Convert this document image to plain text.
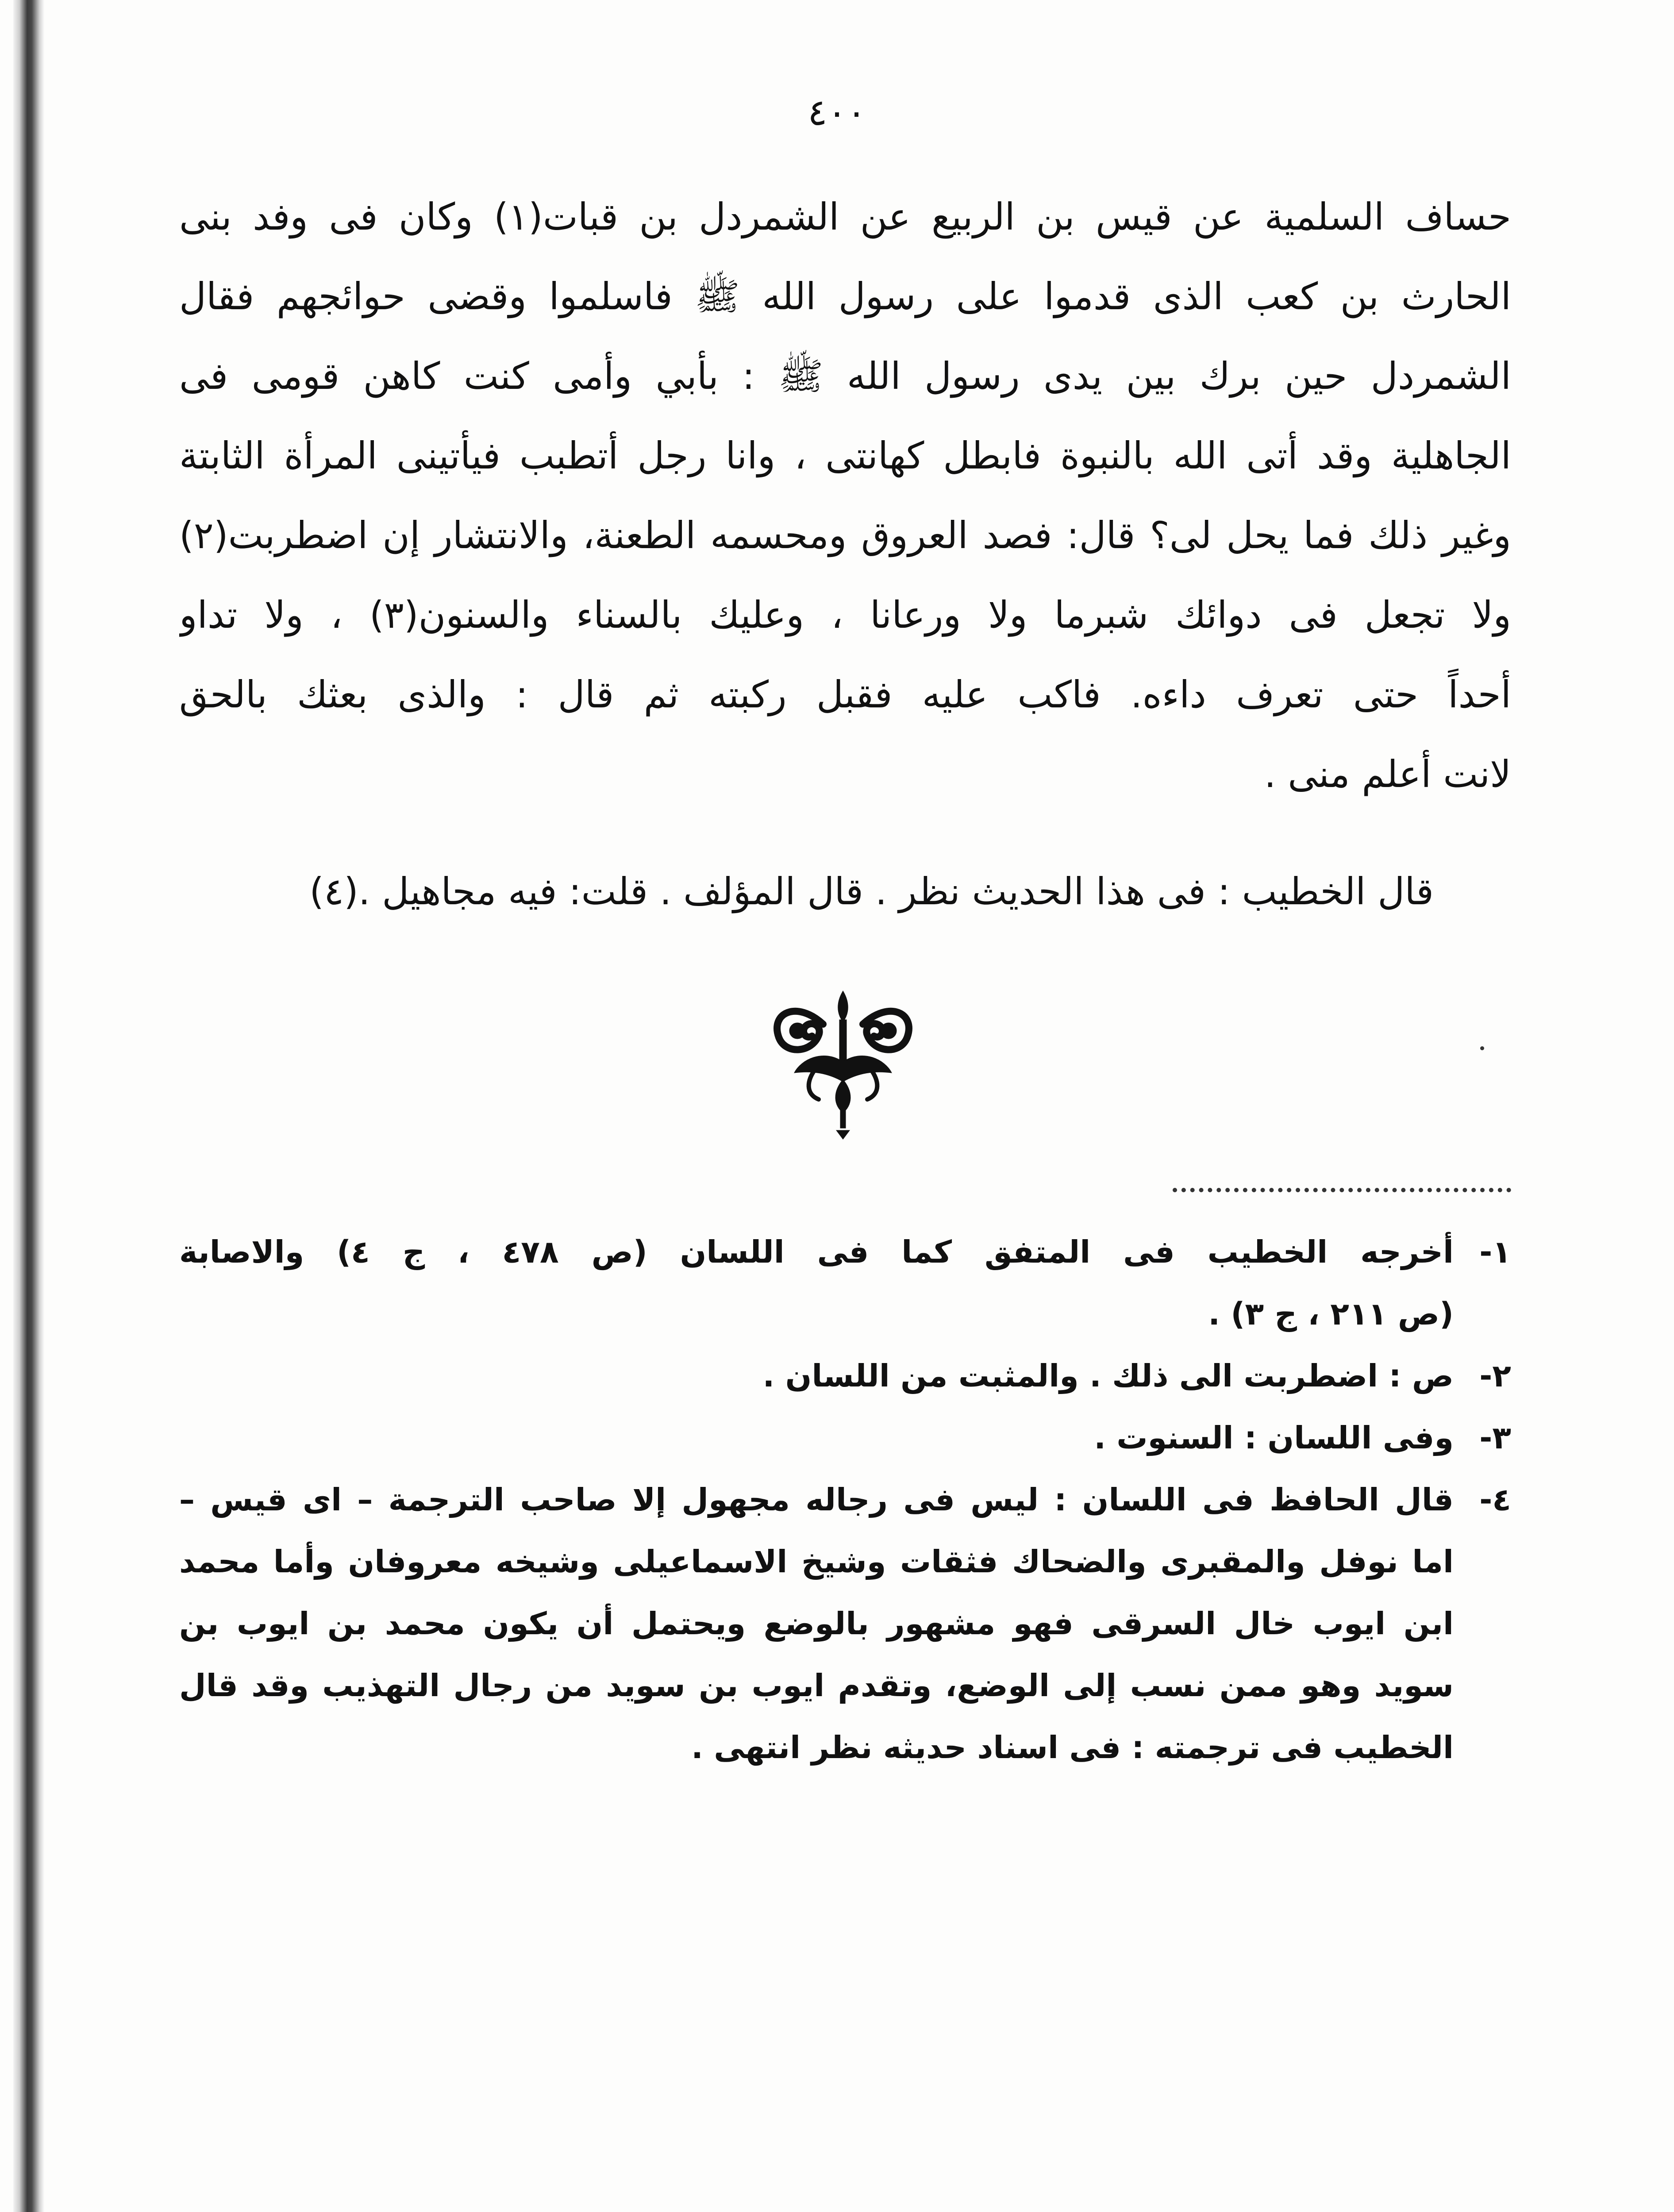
٤٠٠
حساف السلمية عن قيس بن الربيع عن الشمردل بن قبات(١) وكان فى وفد بنى
الحارث بن كعب الذى قدموا على رسول الله ﷺ فاسلموا وقضى حوائجهم فقال
الشمردل حين برك بين يدى رسول الله ﷺ : بأبي وأمى كنت كاهن قومى فى
الجاهلية وقد أتى الله بالنبوة فابطل كهانتى ، وانا رجل أتطبب فيأتينى المرأة الثابتة
وغير ذلك فما يحل لى؟ قال: فصد العروق ومحسمه الطعنة، والانتشار إن اضطربت(٢)
ولا تجعل فى دوائك شبرما ولا ورعانا ، وعليك بالسناء والسنون(٣) ، ولا تداو
أحداً حتى تعرف داءه. فاكب عليه فقبل ركبته ثم قال : والذى بعثك بالحق
لانت أعلم منى .
قال الخطيب : فى هذا الحديث نظر . قال المؤلف . قلت: فيه مجاهيل .(٤)
١-
أخرجه الخطيب فى المتفق كما فى اللسان (ص ٤٧٨ ، ج ٤) والاصابة
(ص ٢١١ ، ج ٣) .
٢-
ص : اضطربت الى ذلك . والمثبت من اللسان .
٣-
وفى اللسان : السنوت .
٤-
قال الحافظ فى اللسان : ليس فى رجاله مجهول إلا صاحب الترجمة – اى قيس –
اما نوفل والمقبرى والضحاك فثقات وشيخ الاسماعيلى وشيخه معروفان وأما محمد
ابن ايوب خال السرقى فهو مشهور بالوضع ويحتمل أن يكون محمد بن ايوب بن
سويد وهو ممن نسب إلى الوضع، وتقدم ايوب بن سويد من رجال التهذيب وقد قال
الخطيب فى ترجمته : فى اسناد حديثه نظر انتهى .
